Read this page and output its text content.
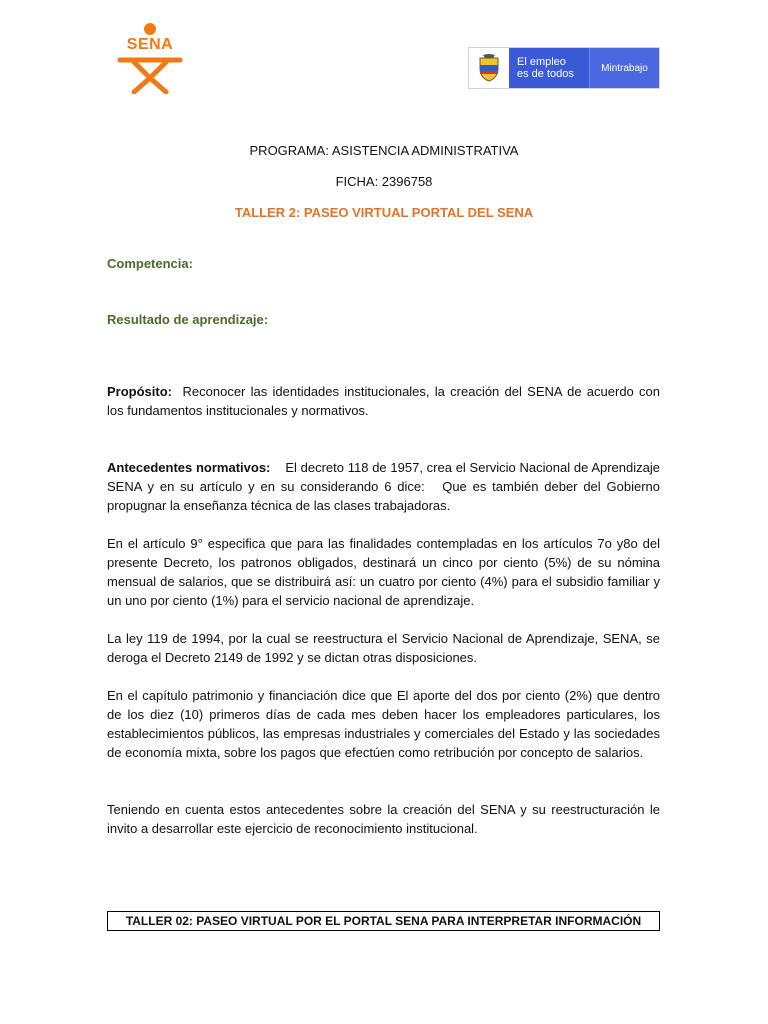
SENA
El empleo
es de todos	Mintrabajo
PROGRAMA: ASISTENCIA ADMINISTRATIVA
FICHA: 2396758
TALLER 2: PASEO VIRTUAL PORTAL DEL SENA
Competencia:
Resultado de aprendizaje:
Propósito:  Reconocer las identidades institucionales, la creación del SENA de acuerdo con los fundamentos institucionales y normativos.
Antecedentes normativos:    El decreto 118 de 1957, crea el Servicio Nacional de Aprendizaje SENA y en su artículo y en su considerando 6 dice:   Que es también deber del Gobierno propugnar la enseñanza técnica de las clases trabajadoras.
En el artículo 9° especifica que para las finalidades contempladas en los artículos 7o y8o del presente Decreto, los patronos obligados, destinará un cinco por ciento (5%) de su nómina mensual de salarios, que se distribuirá así: un cuatro por ciento (4%) para el subsidio familiar y un uno por ciento (1%) para el servicio nacional de aprendizaje.
La ley 119 de 1994, por la cual se reestructura el Servicio Nacional de Aprendizaje, SENA, se deroga el Decreto 2149 de 1992 y se dictan otras disposiciones.
En el capítulo patrimonio y financiación dice que El aporte del dos por ciento (2%) que dentro de los diez (10) primeros días de cada mes deben hacer los empleadores particulares, los establecimientos públicos, las empresas industriales y comerciales del Estado y las sociedades de economía mixta, sobre los pagos que efectúen como retribución por concepto de salarios.
Teniendo en cuenta estos antecedentes sobre la creación del SENA y su reestructuración le invito a desarrollar este ejercicio de reconocimiento institucional.
TALLER 02: PASEO VIRTUAL POR EL PORTAL SENA PARA INTERPRETAR INFORMACIÓN
